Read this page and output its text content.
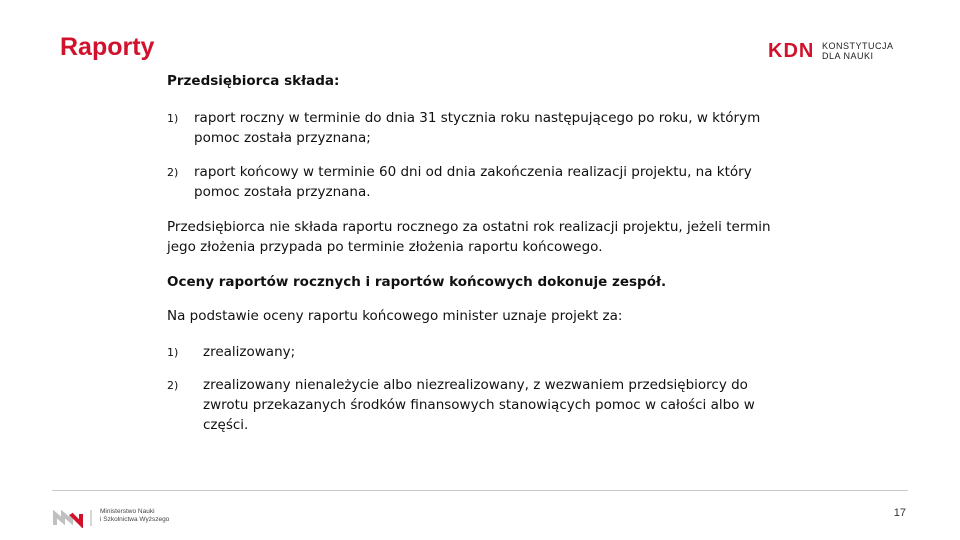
Raporty	KDN KONSTYTUCJA
DLA NAUKI

Przedsiębiorca składa:

1) raport roczny w terminie do dnia 31 stycznia roku następującego po roku, w którym pomoc została przyznana;

2) raport końcowy w terminie 60 dni od dnia zakończenia realizacji projektu, na który pomoc została przyznana.

Przedsiębiorca nie składa raportu rocznego za ostatni rok realizacji projektu, jeżeli termin jego złożenia przypada po terminie złożenia raportu końcowego.

Oceny raportów rocznych i raportów końcowych dokonuje zespół.

Na podstawie oceny raportu końcowego minister uznaje projekt za:

1) zrealizowany;

2) zrealizowany nienależycie albo niezrealizowany, z wezwaniem przedsiębiorcy do zwrotu przekazanych środków finansowych stanowiących pomoc w całości albo w części.

Ministerstwo Nauki
i Szkolnictwa Wyższego
17
